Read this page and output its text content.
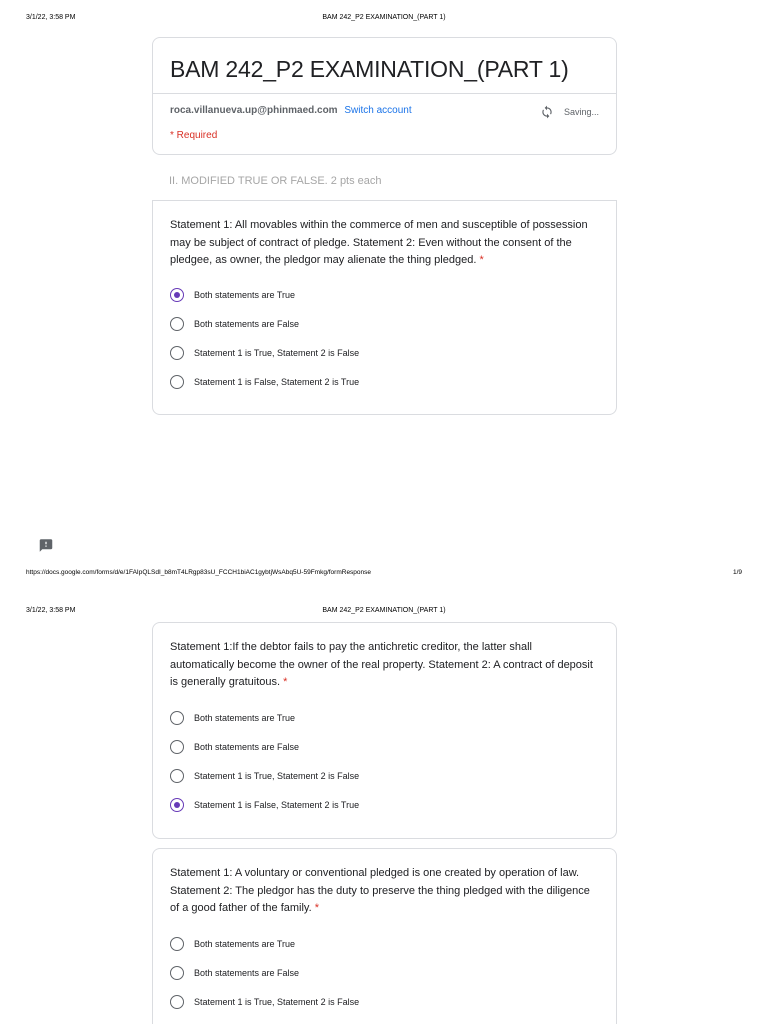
3/1/22, 3:58 PM	BAM 242_P2 EXAMINATION_(PART 1)
BAM 242_P2 EXAMINATION_(PART 1)
roca.villanueva.up@phinmaed.com Switch account	Saving...
* Required
II. MODIFIED TRUE OR FALSE. 2 pts each
Statement 1: All movables within the commerce of men and susceptible of possession may be subject of contract of pledge. Statement 2: Even without the consent of the pledgee, as owner, the pledgor may alienate the thing pledged. *
Both statements are True
Both statements are False
Statement 1 is True, Statement 2 is False
Statement 1 is False, Statement 2 is True
https://docs.google.com/forms/d/e/1FAIpQLSdI_b8mT4LRgp83sU_FCCH1biAC1gybtjWsAbq5U-59Fmkg/formResponse	1/9
3/1/22, 3:58 PM	BAM 242_P2 EXAMINATION_(PART 1)
Statement 1:If the debtor fails to pay the antichretic creditor, the latter shall automatically become the owner of the real property. Statement 2: A contract of deposit is generally gratuitous. *
Both statements are True
Both statements are False
Statement 1 is True, Statement 2 is False
Statement 1 is False, Statement 2 is True
Statement 1: A voluntary or conventional pledged is one created by operation of law. Statement 2: The pledgor has the duty to preserve the thing pledged with the diligence of a good father of the family. *
Both statements are True
Both statements are False
Statement 1 is True, Statement 2 is False
